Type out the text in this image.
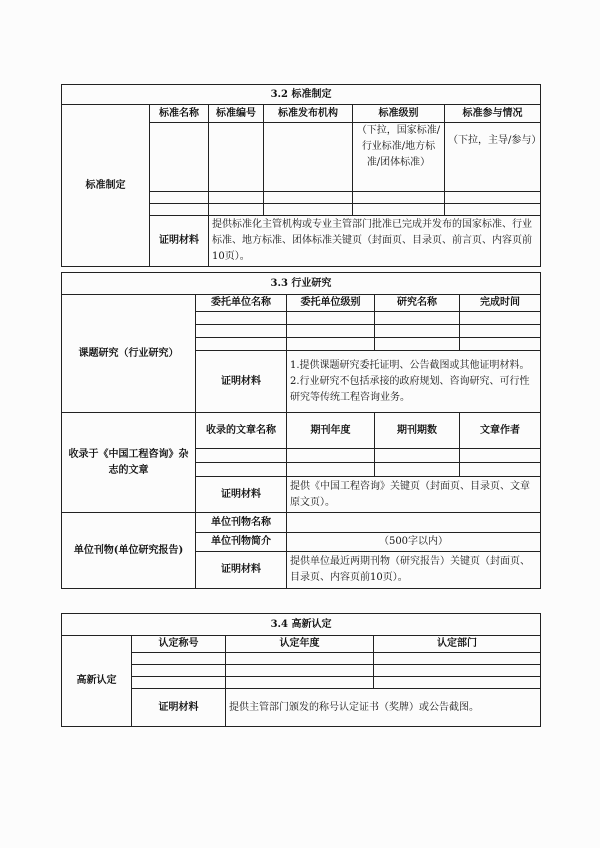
3.2 标准制定					
标准制定	标准名称	标准编号	标准发布机构	标准级别	标准参与情况
				（下拉，国家标准/行业标准/地方标准/团体标准）	（下拉，主导/参与）

	证明材料	提供标准化主管机构或专业主管部门批准已完成并发布的国家标准、行业标准、地方标准、团体标准关键页（封面页、目录页、前言页、内容页前10页）。			
3.3 行业研究				
课题研究（行业研究）	委托单位名称	委托单位级别	研究名称	完成时间

	证明材料	1.提供课题研究委托证明、公告截图或其他证明材料。
2.行业研究不包括承接的政府规划、咨询研究、可行性研究等传统工程咨询业务。		

收录于《中国工程咨询》杂志的文章	收录的文章名称	期刊年度	期刊期数	文章作者

	证明材料	提供《中国工程咨询》关键页（封面页、目录页、文章原文页）。		
单位刊物(单位研究报告)	单位刊物名称			
	单位刊物简介	（500字以内）		
	证明材料	提供单位最近两期刊物（研究报告）关键页（封面页、目录页、内容页前10页）。		
3.4 高新认定			
高新认定	认定称号	认定年度	认定部门

	证明材料	提供主管部门颁发的称号认定证书（奖牌）或公告截图。	
